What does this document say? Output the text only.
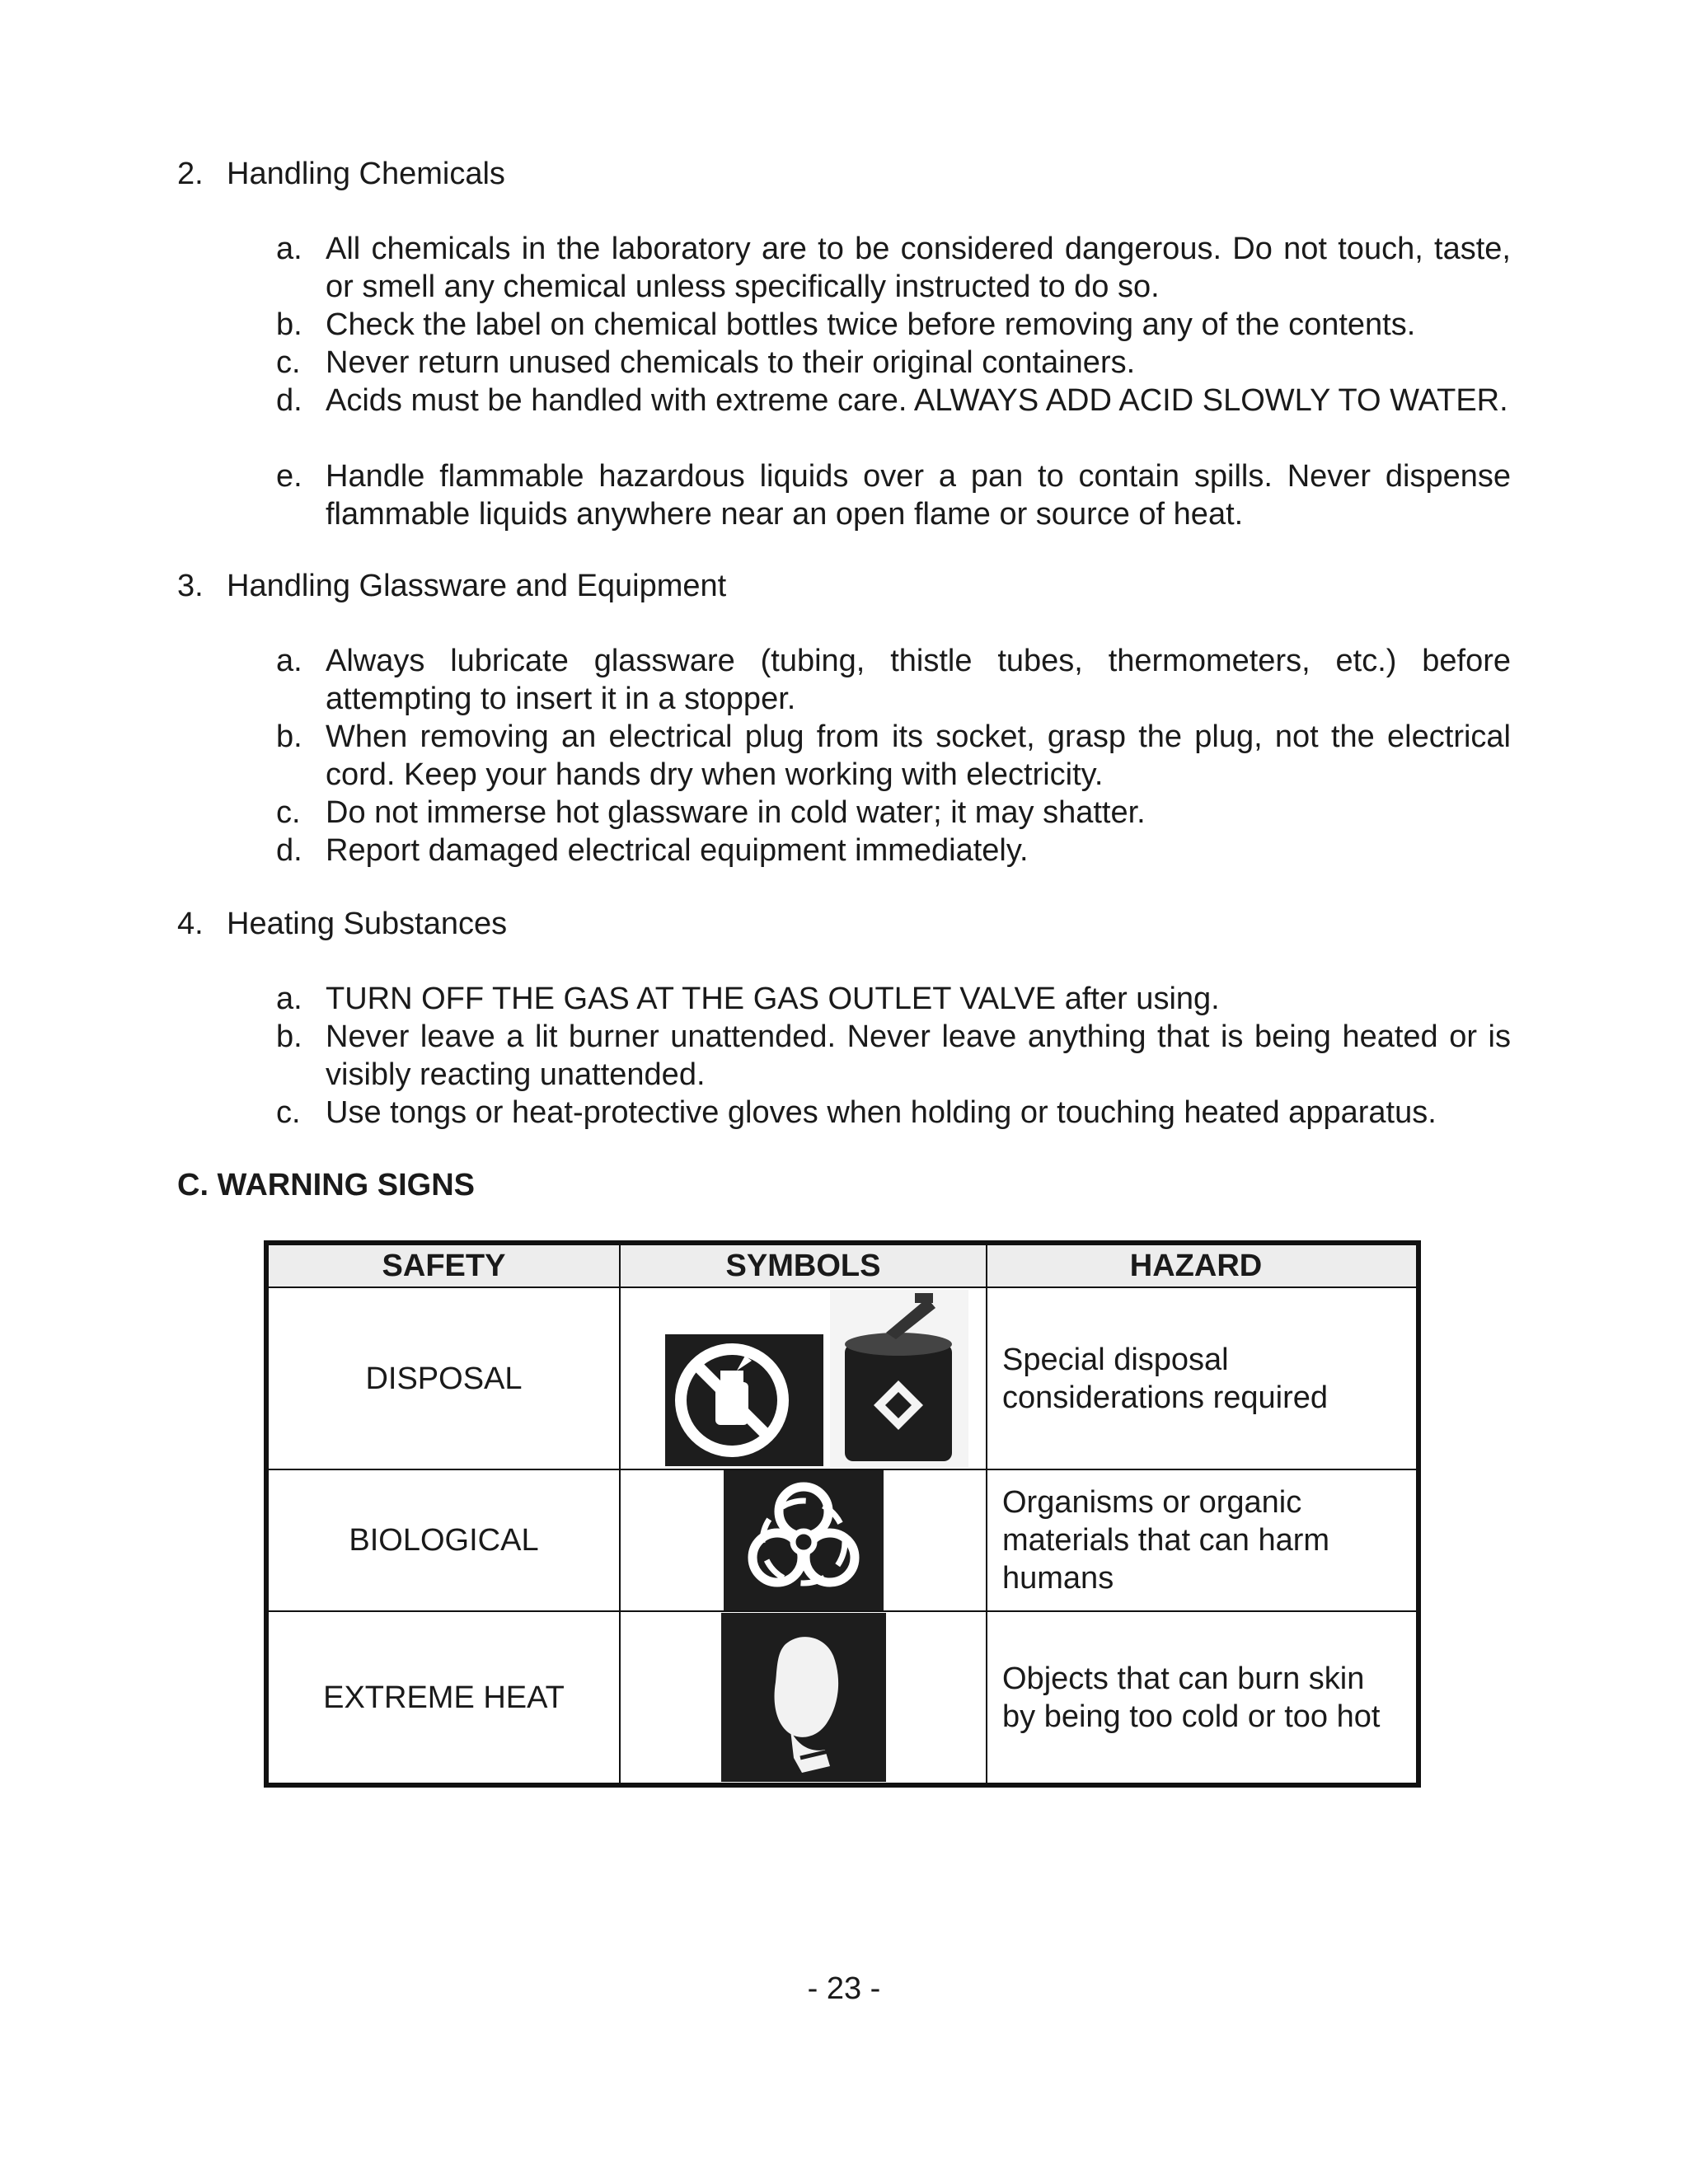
2. Handling Chemicals
a. All chemicals in the laboratory are to be considered dangerous. Do not touch, taste, or smell any chemical unless specifically instructed to do so.
b. Check the label on chemical bottles twice before removing any of the contents.
c. Never return unused chemicals to their original containers.
d. Acids must be handled with extreme care. ALWAYS ADD ACID SLOWLY TO WATER.
e. Handle flammable hazardous liquids over a pan to contain spills. Never dispense flammable liquids anywhere near an open flame or source of heat.
3. Handling Glassware and Equipment
a. Always lubricate glassware (tubing, thistle tubes, thermometers, etc.) before attempting to insert it in a stopper.
b. When removing an electrical plug from its socket, grasp the plug, not the electrical cord. Keep your hands dry when working with electricity.
c. Do not immerse hot glassware in cold water; it may shatter.
d. Report damaged electrical equipment immediately.
4. Heating Substances
a. TURN OFF THE GAS AT THE GAS OUTLET VALVE after using.
b. Never leave a lit burner unattended. Never leave anything that is being heated or is visibly reacting unattended.
c. Use tongs or heat-protective gloves when holding or touching heated apparatus.
C. WARNING SIGNS
SAFETY	SYMBOLS	HAZARD
DISPOSAL
Special disposal considerations required
BIOLOGICAL
Organisms or organic materials that can harm humans
EXTREME HEAT
Objects that can burn skin by being too cold or too hot
- 23 -
